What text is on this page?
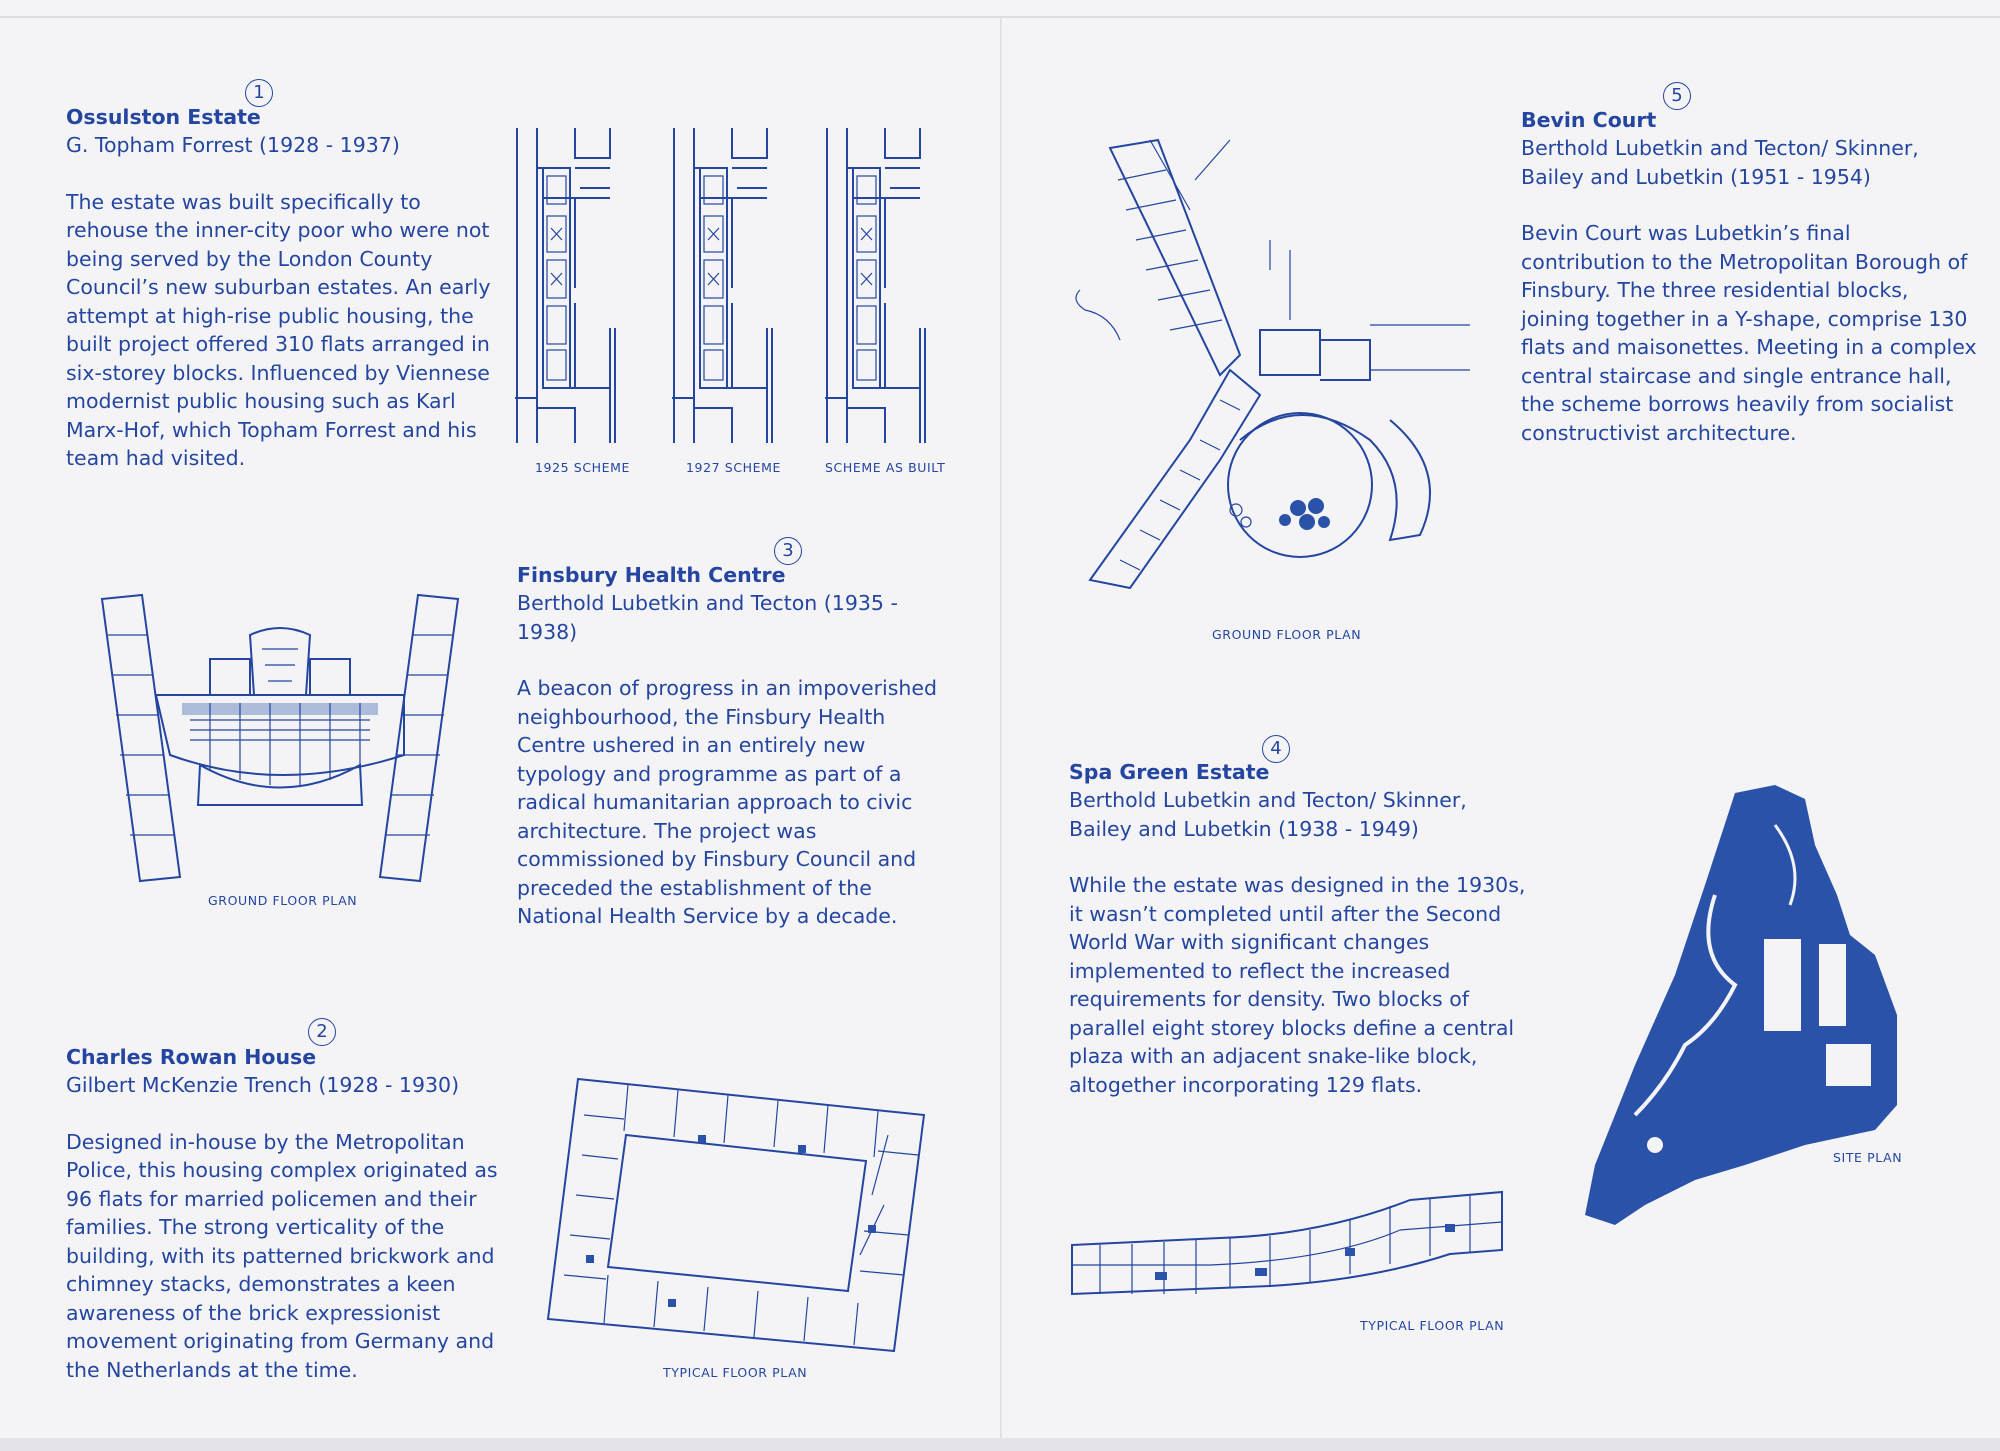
1

Ossulston Estate

G. Topham Forrest (1928 - 1937)

The estate was built specifically to rehouse the inner-city poor who were not being served by the London County Council’s new suburban estates. An early attempt at high-rise public housing, the built project offered 310 flats arranged in six-storey blocks. Influenced by Viennese modernist public housing such as Karl Marx-Hof, which Topham Forrest and his team had visited.	1925 SCHEME	1927 SCHEME	SCHEME AS BUILT
3

Finsbury Health Centre

Berthold Lubetkin and Tecton (1935 - 1938)

A beacon of progress in an impoverished neighbourhood, the Finsbury Health Centre ushered in an entirely new typology and programme as part of a radical humanitarian approach to civic architecture. The project was commissioned by Finsbury Council and preceded the establishment of the National Health Service by a decade.

GROUND FLOOR PLAN
2

Charles Rowan House

Gilbert McKenzie Trench (1928 - 1930)

Designed in-house by the Metropolitan Police, this housing complex originated as 96 flats for married policemen and their families. The strong verticality of the building, with its patterned brickwork and chimney stacks, demonstrates a keen awareness of the brick expressionist movement originating from Germany and the Netherlands at the time.	TYPICAL FLOOR PLAN
5

Bevin Court

Berthold Lubetkin and Tecton/ Skinner,
Bailey and Lubetkin (1951 - 1954)

Bevin Court was Lubetkin’s final contribution to the Metropolitan Borough of Finsbury. The three residential blocks, joining together in a Y-shape, comprise 130 flats and maisonettes. Meeting in a complex central staircase and single entrance hall, the scheme borrows heavily from socialist constructivist architecture.

GROUND FLOOR PLAN
4

Spa Green Estate

Berthold Lubetkin and Tecton/ Skinner,
Bailey and Lubetkin (1938 - 1949)

While the estate was designed in the 1930s, it wasn’t completed until after the Second World War with significant changes implemented to reflect the increased requirements for density. Two blocks of parallel eight storey blocks define a central plaza with an adjacent snake-like block, altogether incorporating 129 flats.

SITE PLAN
TYPICAL FLOOR PLAN
